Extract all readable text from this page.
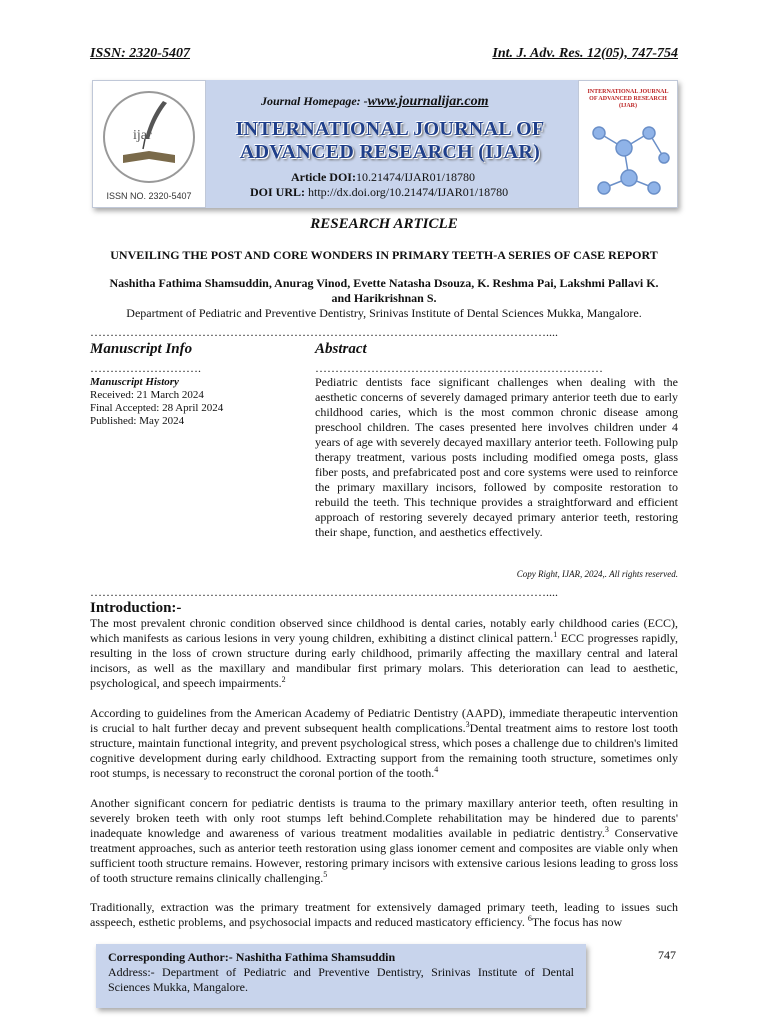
ISSN: 2320-5407	Int. J. Adv. Res. 12(05), 747-754
ijar
ISSN NO. 2320-5407
INTERNATIONAL JOURNAL OF ADVANCED RESEARCH (IJAR)
Journal Homepage: -www.journalijar.com
INTERNATIONAL JOURNAL OF
ADVANCED RESEARCH (IJAR)
Article DOI:10.21474/IJAR01/18780
DOI URL: http://dx.doi.org/10.21474/IJAR01/18780
RESEARCH ARTICLE
UNVEILING THE POST AND CORE WONDERS IN PRIMARY TEETH-A SERIES OF CASE REPORT
Nashitha Fathima Shamsuddin, Anurag Vinod, Evette Natasha Dsouza, K. Reshma Pai, Lakshmi Pallavi K.
and Harikrishnan S.
Department of Pediatric and Preventive Dentistry, Srinivas Institute of Dental Sciences Mukka, Mangalore.
……………………………………………………………………………………………………....
Manuscript Info	Abstract
……………………….	………………………………………………………………
Manuscript History
Received: 21 March 2024
Final Accepted: 28 April 2024
Published: May 2024
Pediatric dentists face significant challenges when dealing with the aesthetic concerns of severely damaged primary anterior teeth due to early childhood caries, which is the most common chronic disease among preschool children. The cases presented here involves children under 4 years of age with severely decayed maxillary anterior teeth. Following pulp therapy treatment, various posts including modified omega posts, glass fiber posts, and prefabricated post and core systems were used to reinforce the primary maxillary incisors, followed by composite restoration to rebuild the teeth. This technique provides a straightforward and efficient approach of restoring severely decayed primary anterior teeth, restoring their shape, function, and aesthetics effectively.
Copy Right, IJAR, 2024,. All rights reserved.
……………………………………………………………………………………………………....
Introduction:-
The most prevalent chronic condition observed since childhood is dental caries, notably early childhood caries (ECC), which manifests as carious lesions in very young children, exhibiting a distinct clinical pattern.$^1$ ECC progresses rapidly, resulting in the loss of crown structure during early childhood, primarily affecting the maxillary central and lateral incisors, as well as the maxillary and mandibular first primary molars. This deterioration can lead to aesthetic, psychological, and speech impairments.$^2$
According to guidelines from the American Academy of Pediatric Dentistry (AAPD), immediate therapeutic intervention is crucial to halt further decay and prevent subsequent health complications.$^3$Dental treatment aims to restore lost tooth structure, maintain functional integrity, and prevent psychological stress, which poses a challenge due to children's limited cognitive development during early childhood. Extracting support from the remaining tooth structure, sometimes only root stumps, is necessary to reconstruct the coronal portion of the tooth.$^4$
Another significant concern for pediatric dentists is trauma to the primary maxillary anterior teeth, often resulting in severely broken teeth with only root stumps left behind.Complete rehabilitation may be hindered due to parents' inadequate knowledge and awareness of various treatment modalities available in pediatric dentistry.$^3$ Conservative treatment approaches, such as anterior teeth restoration using glass ionomer cement and composites are viable only when sufficient tooth structure remains. However, restoring primary incisors with extensive carious lesions leading to gross loss of tooth structure remains clinically challenging.$^5$
Traditionally, extraction was the primary treatment for extensively damaged primary teeth, leading to issues such asspeech, esthetic problems, and psychosocial impacts and reduced masticatory efficiency. $^6$The focus has now
Corresponding Author:- Nashitha Fathima Shamsuddin
Address:- Department of Pediatric and Preventive Dentistry, Srinivas Institute of Dental Sciences Mukka, Mangalore.
747
